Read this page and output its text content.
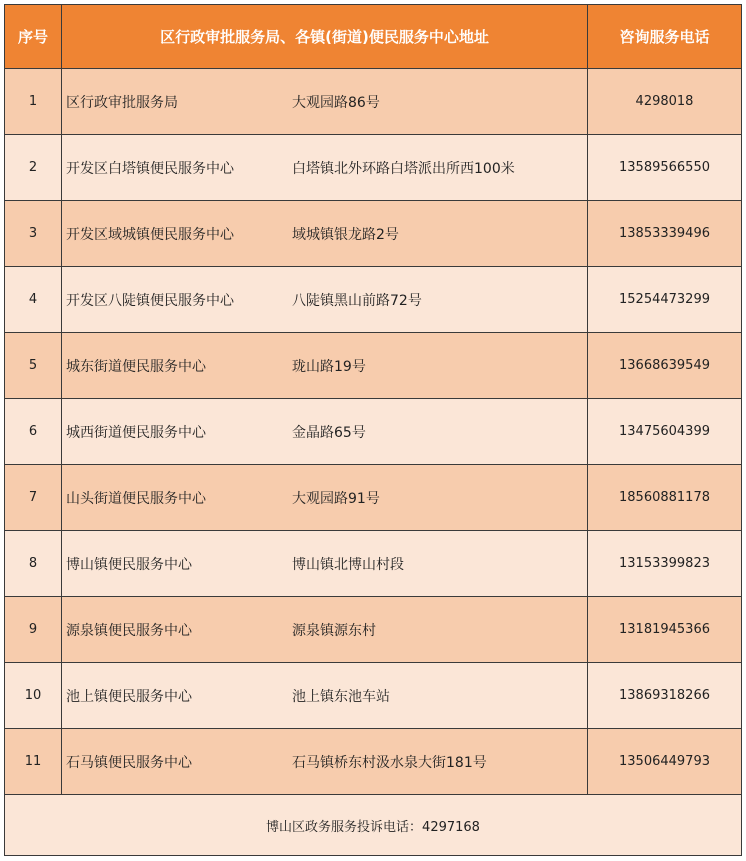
序号	区行政审批服务局、各镇(街道)便民服务中心地址	咨询服务电话
1	区行政审批服务局	大观园路86号	4298018
2	开发区白塔镇便民服务中心	白塔镇北外环路白塔派出所西100米	13589566550
3	开发区域城镇便民服务中心	域城镇银龙路2号	13853339496
4	开发区八陡镇便民服务中心	八陡镇黑山前路72号	15254473299
5	城东街道便民服务中心	珑山路19号	13668639549
6	城西街道便民服务中心	金晶路65号	13475604399
7	山头街道便民服务中心	大观园路91号	18560881178
8	博山镇便民服务中心	博山镇北博山村段	13153399823
9	源泉镇便民服务中心	源泉镇源东村	13181945366
10	池上镇便民服务中心	池上镇东池车站	13869318266
11	石马镇便民服务中心	石马镇桥东村汲水泉大街181号	13506449793
博山区政务服务投诉电话：4297168
